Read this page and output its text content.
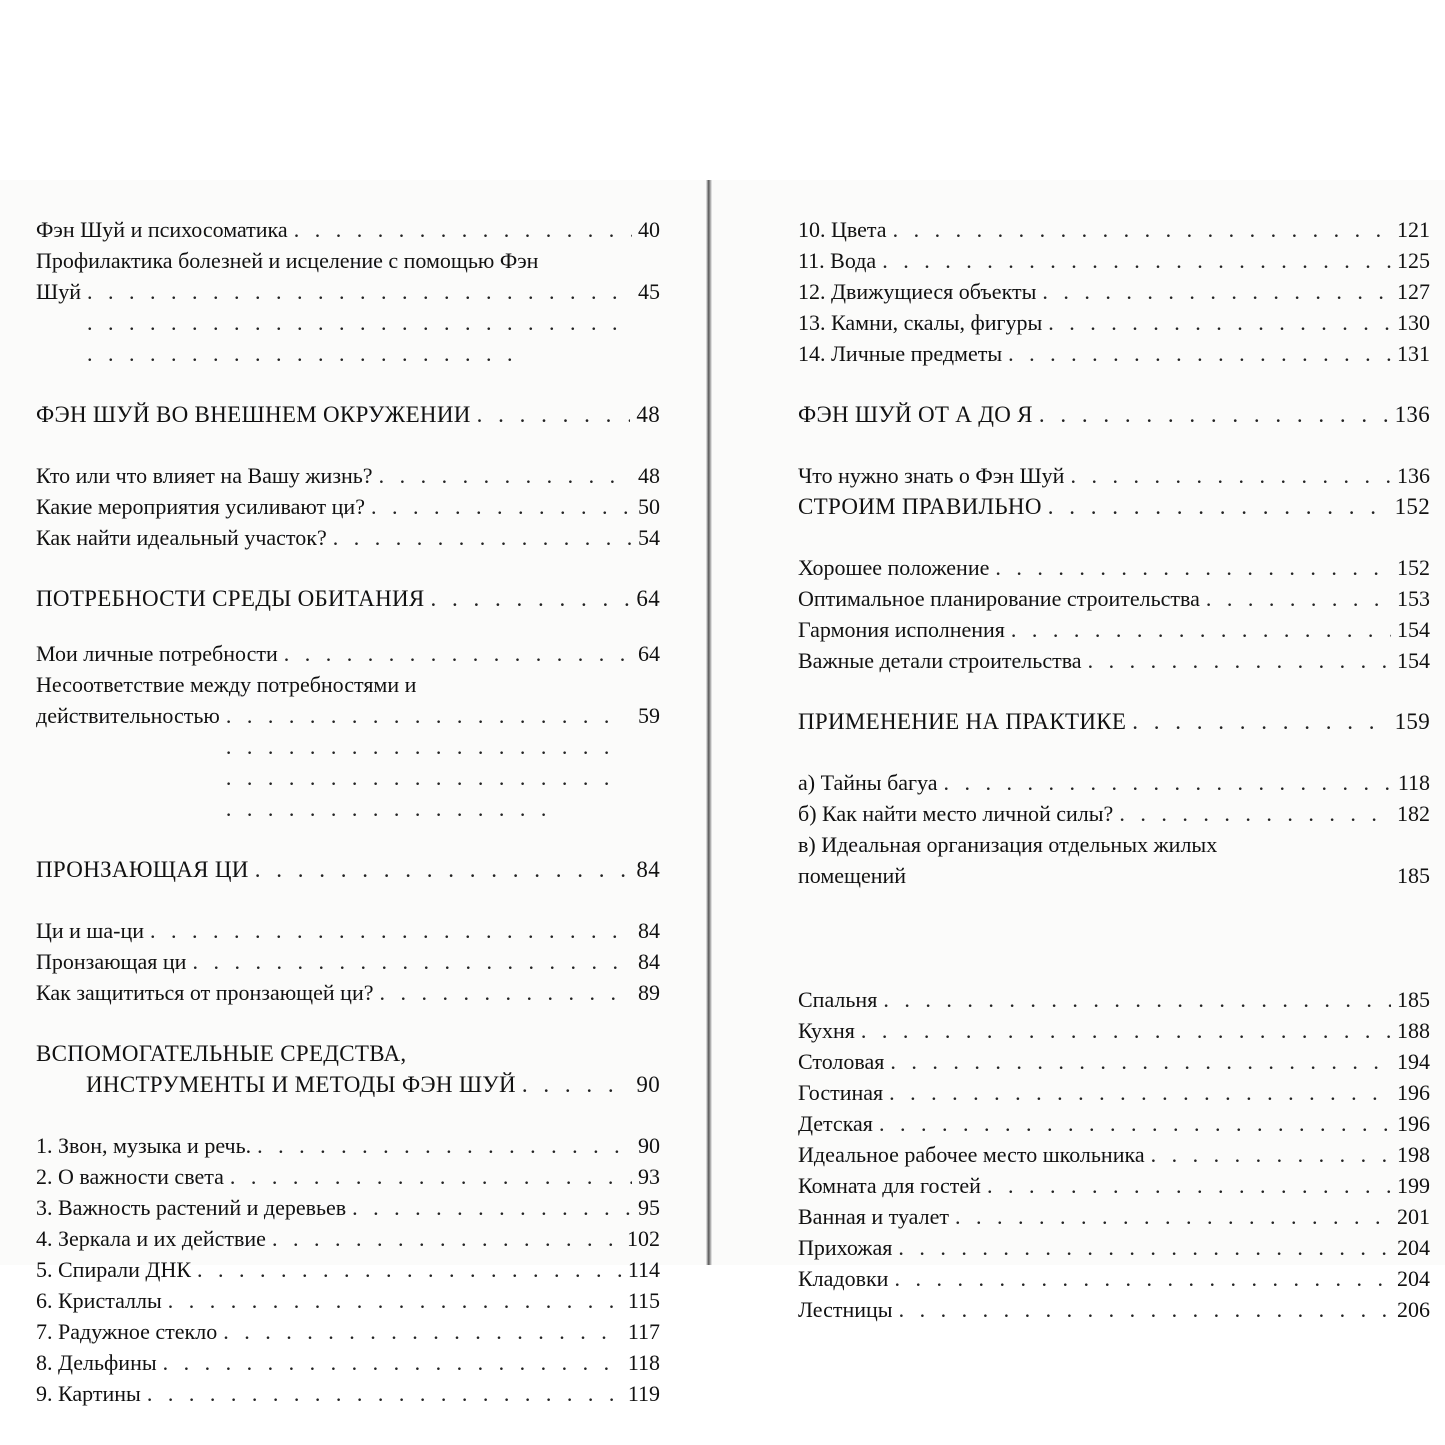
Фэн Шуй и психосоматика . . .	40
Профилактика болезней и исцеление с помощью Фэн
Шуй . . .	45
ФЭН ШУЙ ВО ВНЕШНЕМ ОКРУЖЕНИИ . . .	48
Кто или что влияет на Вашу жизнь? . . .	48
Какие мероприятия усиливают ци? . . .	50
Как найти идеальный участок? . . .	54
ПОТРЕБНОСТИ СРЕДЫ ОБИТАНИЯ . . .	64
Мои личные потребности . . .	64
Несоответствие между потребностями и
действительностью . . .	59
ПРОНЗАЮЩАЯ ЦИ . . .	84
Ци и ша-ци . . .	84
Пронзающая ци . . .	84
Как защититься от пронзающей ци? . . .	89
ВСПОМОГАТЕЛЬНЫЕ СРЕДСТВА,
ИНСТРУМЕНТЫ И МЕТОДЫ ФЭН ШУЙ . . .	90
1. Звон, музыка и речь. . . .	90
2. О важности света . . .	93
3. Важность растений и деревьев . . .	95
4. Зеркала и их действие . . .	102
5. Спирали ДНК . . .	114
6. Кристаллы . . .	115
7. Радужное стекло . . .	117
8. Дельфины . . .	118
9. Картины . . .	119
10. Цвета . . .	121
11. Вода . . .	125
12. Движущиеся объекты . . .	127
13. Камни, скалы, фигуры . . .	130
14. Личные предметы . . .	131
ФЭН ШУЙ ОТ А ДО Я . . .	136
Что нужно знать о Фэн Шуй . . .	136
СТРОИМ ПРАВИЛЬНО . . .	152
Хорошее положение . . .	152
Оптимальное планирование строительства . . .	153
Гармония исполнения . . .	154
Важные детали строительства . . .	154
ПРИМЕНЕНИЕ НА ПРАКТИКЕ . . .	159
а) Тайны багуа . . .	118
б) Как найти место личной силы? . . .	182
в) Идеальная организация отдельных жилых
помещений	185
Спальня . . .	185
Кухня . . .	188
Столовая . . .	194
Гостиная . . .	196
Детская . . .	196
Идеальное рабочее место школьника . . .	198
Комната для гостей . . .	199
Ванная и туалет . . .	201
Прихожая . . .	204
Кладовки . . .	204
Лестницы . . .	206
